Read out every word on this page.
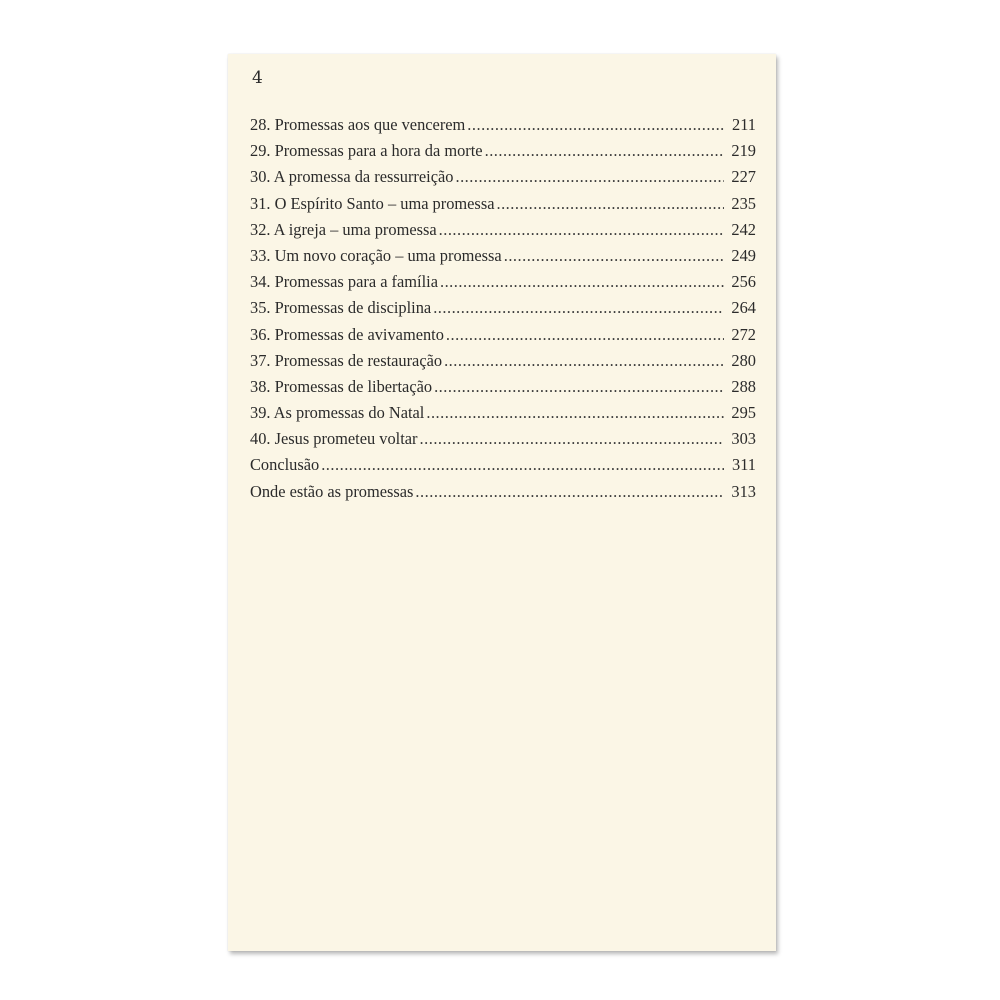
4
28. Promessas aos que vencerem .....	211
29. Promessas para a hora da morte .....	219
30. A promessa da ressurreição .....	227
31. O Espírito Santo – uma promessa .....	235
32. A igreja – uma promessa .....	242
33. Um novo coração – uma promessa .....	249
34. Promessas para a família .....	256
35. Promessas de disciplina .....	264
36. Promessas de avivamento .....	272
37. Promessas de restauração .....	280
38. Promessas de libertação .....	288
39. As promessas do Natal .....	295
40. Jesus prometeu voltar .....	303
Conclusão .....	311
Onde estão as promessas .....	313
